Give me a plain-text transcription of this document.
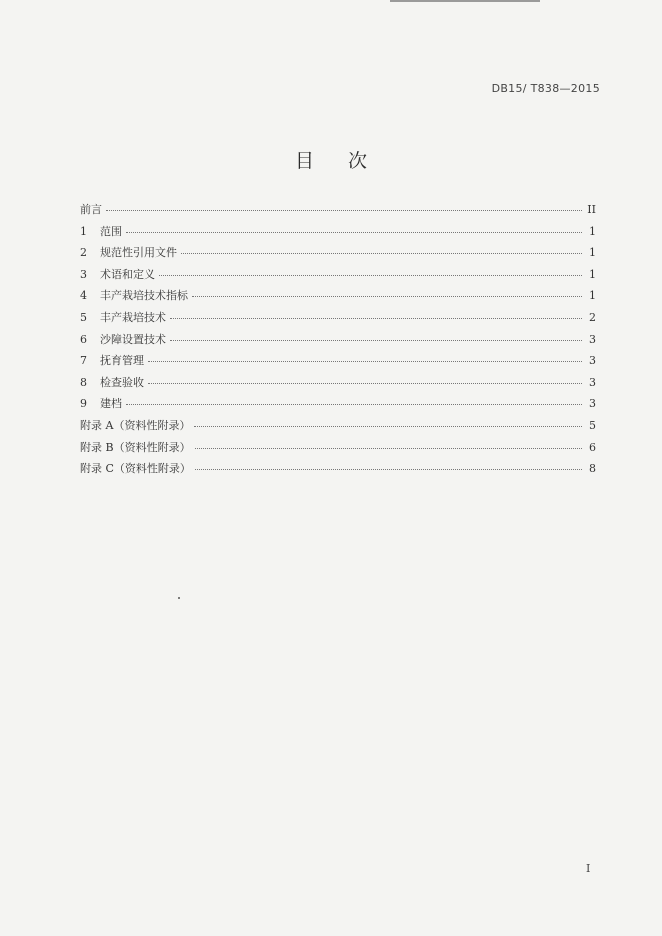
DB15/ T838—2015
目 次
前言	II
1	范围	1
2	规范性引用文件	1
3	术语和定义	1
4	丰产栽培技术指标	1
5	丰产栽培技术	2
6	沙障设置技术	3
7	抚育管理	3
8	检查验收	3
9	建档	3
附录 A（资料性附录）	5
附录 B（资料性附录）	6
附录 C（资料性附录）	8
I
